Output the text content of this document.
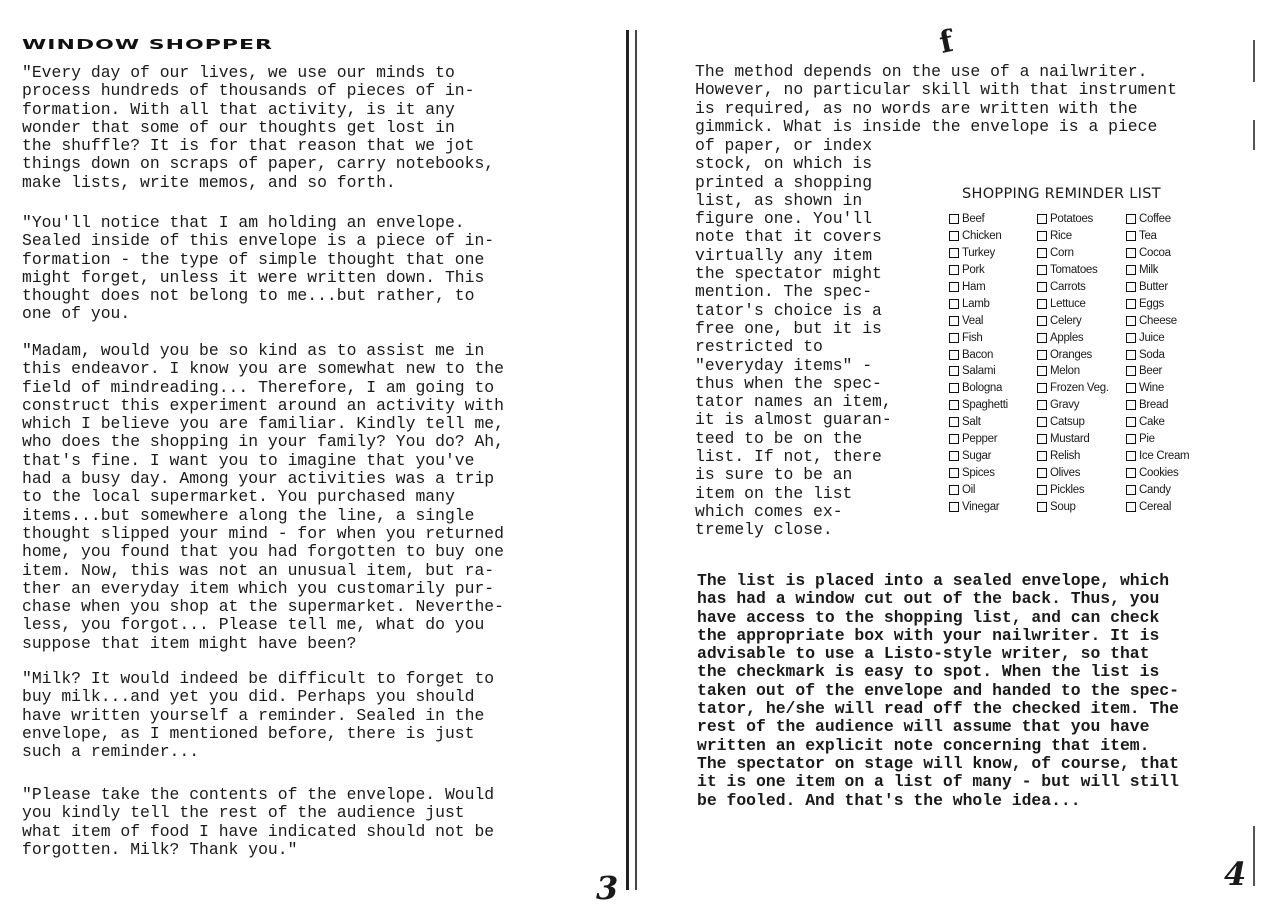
WINDOW SHOPPER

"Every day of our lives, we use our minds to
process hundreds of thousands of pieces of in-
formation. With all that activity, is it any
wonder that some of our thoughts get lost in
the shuffle? It is for that reason that we jot
things down on scraps of paper, carry notebooks,
make lists, write memos, and so forth.

"You'll notice that I am holding an envelope.
Sealed inside of this envelope is a piece of in-
formation - the type of simple thought that one
might forget, unless it were written down. This
thought does not belong to me...but rather, to
one of you.

"Madam, would you be so kind as to assist me in
this endeavor. I know you are somewhat new to the
field of mindreading... Therefore, I am going to
construct this experiment around an activity with
which I believe you are familiar. Kindly tell me,
who does the shopping in your family? You do? Ah,
that's fine. I want you to imagine that you've
had a busy day. Among your activities was a trip
to the local supermarket. You purchased many
items...but somewhere along the line, a single
thought slipped your mind - for when you returned
home, you found that you had forgotten to buy one
item. Now, this was not an unusual item, but ra-
ther an everyday item which you customarily pur-
chase when you shop at the supermarket. Neverthe-
less, you forgot... Please tell me, what do you
suppose that item might have been?

"Milk? It would indeed be difficult to forget to
buy milk...and yet you did. Perhaps you should
have written yourself a reminder. Sealed in the
envelope, as I mentioned before, there is just
such a reminder...

"Please take the contents of the envelope. Would
you kindly tell the rest of the audience just
what item of food I have indicated should not be
forgotten. Milk? Thank you."

3
f

The method depends on the use of a nailwriter.
However, no particular skill with that instrument
is required, as no words are written with the
gimmick. What is inside the envelope is a piece

of paper, or index
stock, on which is
printed a shopping
list, as shown in
figure one. You'll
note that it covers
virtually any item
the spectator might
mention. The spec-
tator's choice is a
free one, but it is
restricted to
"everyday items" -
thus when the spec-
tator names an item,
it is almost guaran-
teed to be on the
list. If not, there
is sure to be an
item on the list
which comes ex-
tremely close.

SHOPPING REMINDER LIST
Beef
Chicken
Turkey
Pork
Ham
Lamb
Veal
Fish
Bacon
Salami
Bologna
Spaghetti
Salt
Pepper
Sugar
Spices
Oil
Vinegar
Potatoes
Rice
Corn
Tomatoes
Carrots
Lettuce
Celery
Apples
Oranges
Melon
Frozen Veg.
Gravy
Catsup
Mustard
Relish
Olives
Pickles
Soup
Coffee
Tea
Cocoa
Milk
Butter
Eggs
Cheese
Juice
Soda
Beer
Wine
Bread
Cake
Pie
Ice Cream
Cookies
Candy
Cereal

The list is placed into a sealed envelope, which
has had a window cut out of the back. Thus, you
have access to the shopping list, and can check
the appropriate box with your nailwriter. It is
advisable to use a Listo-style writer, so that
the checkmark is easy to spot. When the list is
taken out of the envelope and handed to the spec-
tator, he/she will read off the checked item. The
rest of the audience will assume that you have
written an explicit note concerning that item.
The spectator on stage will know, of course, that
it is one item on a list of many - but will still
be fooled. And that's the whole idea...

4
